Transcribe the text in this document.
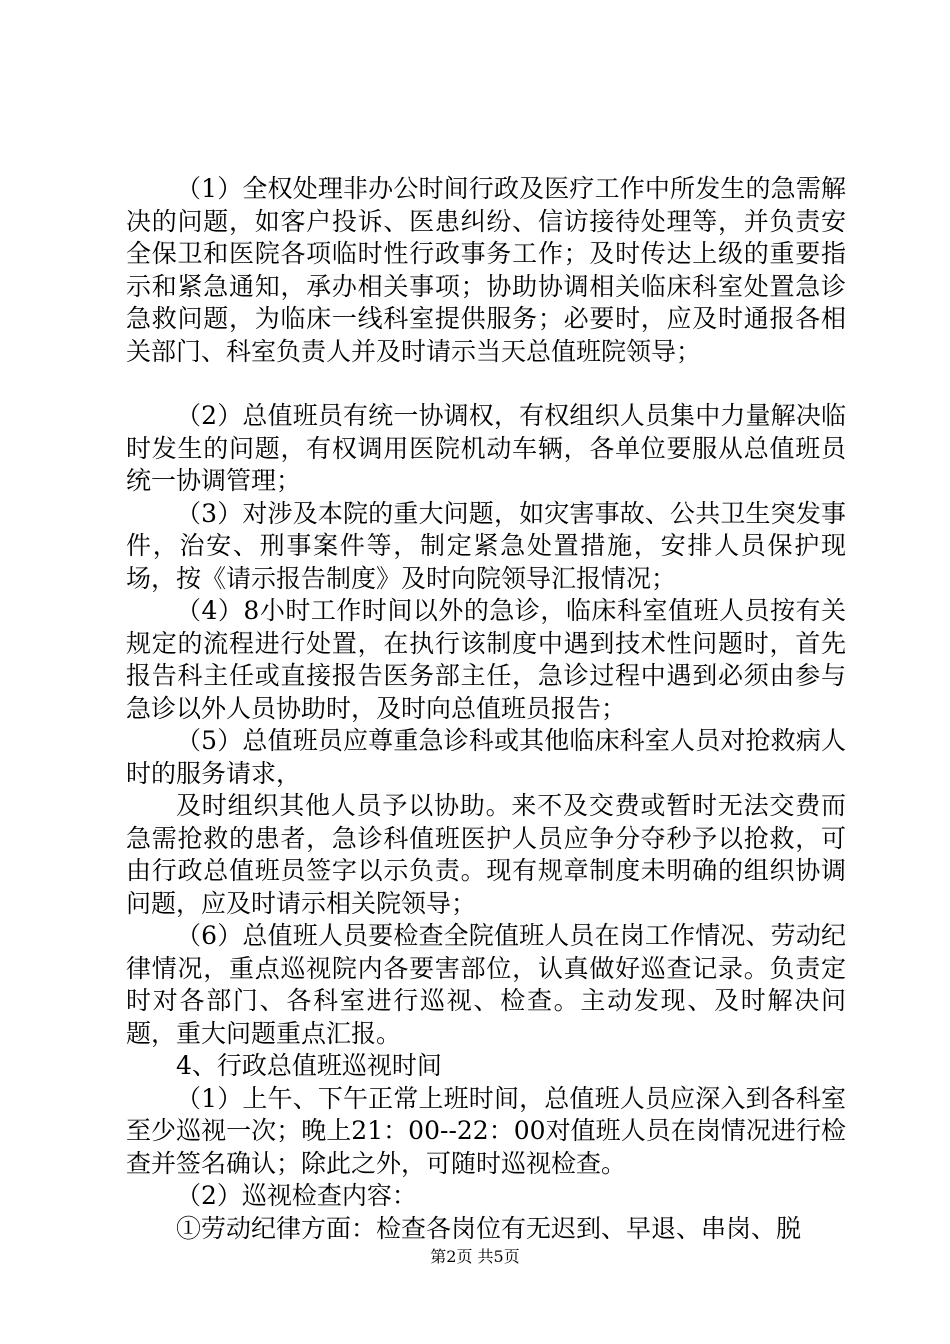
（1）全权处理非办公时间行政及医疗工作中所发生的急需解决的问题，如客户投诉、医患纠纷、信访接待处理等，并负责安全保卫和医院各项临时性行政事务工作；及时传达上级的重要指示和紧急通知，承办相关事项；协助协调相关临床科室处置急诊急救问题，为临床一线科室提供服务；必要时，应及时通报各相关部门、科室负责人并及时请示当天总值班院领导；

（2）总值班员有统一协调权，有权组织人员集中力量解决临时发生的问题，有权调用医院机动车辆，各单位要服从总值班员统一协调管理；

（3）对涉及本院的重大问题，如灾害事故、公共卫生突发事件，治安、刑事案件等，制定紧急处置措施，安排人员保护现场，按《请示报告制度》及时向院领导汇报情况；

（4）8小时工作时间以外的急诊，临床科室值班人员按有关规定的流程进行处置，在执行该制度中遇到技术性问题时，首先报告科主任或直接报告医务部主任，急诊过程中遇到必须由参与急诊以外人员协助时，及时向总值班员报告；

（5）总值班员应尊重急诊科或其他临床科室人员对抢救病人时的服务请求，

及时组织其他人员予以协助。来不及交费或暂时无法交费而急需抢救的患者，急诊科值班医护人员应争分夺秒予以抢救，可由行政总值班员签字以示负责。现有规章制度未明确的组织协调问题，应及时请示相关院领导；

（6）总值班人员要检查全院值班人员在岗工作情况、劳动纪律情况，重点巡视院内各要害部位，认真做好巡查记录。负责定时对各部门、各科室进行巡视、检查。主动发现、及时解决问题，重大问题重点汇报。

4、行政总值班巡视时间

（1）上午、下午正常上班时间，总值班人员应深入到各科室至少巡视一次；晚上21：00--22：00对值班人员在岗情况进行检查并签名确认；除此之外，可随时巡视检查。

（2）巡视检查内容：

①劳动纪律方面：检查各岗位有无迟到、早退、串岗、脱

第2页 共5页
